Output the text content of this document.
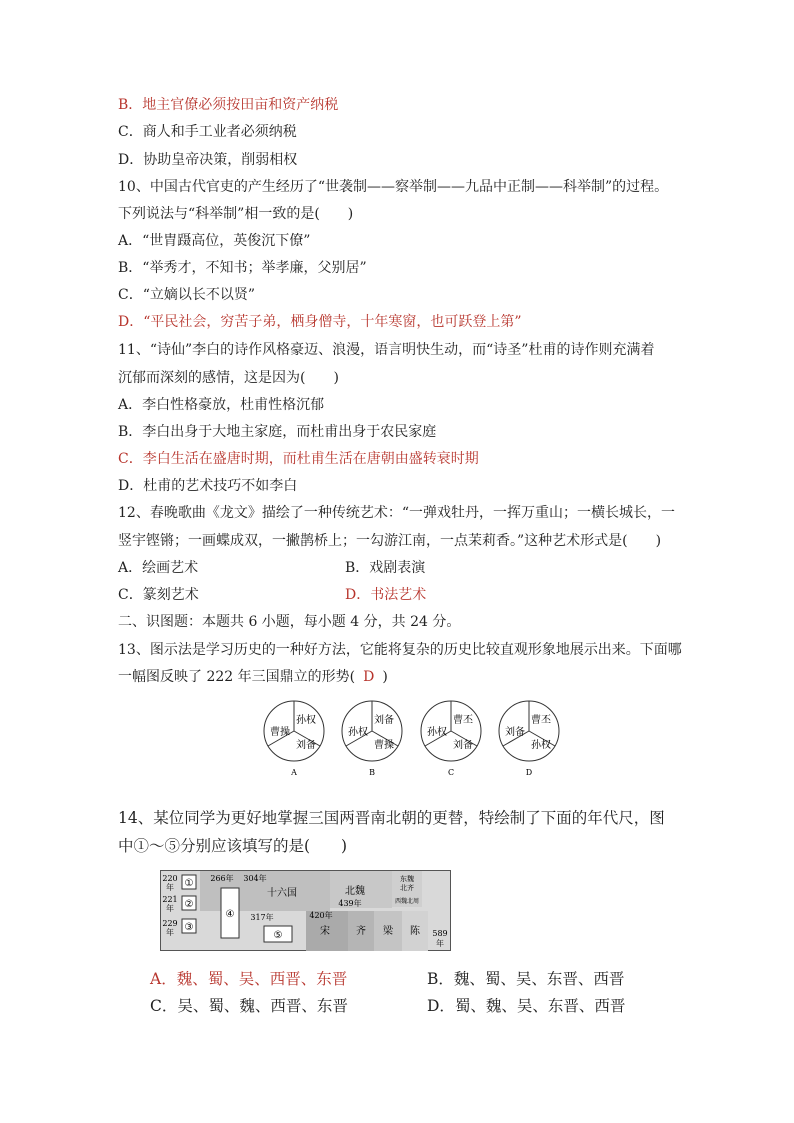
B．地主官僚必须按田亩和资产纳税
C．商人和手工业者必须纳税
D．协助皇帝决策，削弱相权
10、中国古代官吏的产生经历了“世袭制——察举制——九品中正制——科举制”的过程。
下列说法与“科举制”相一致的是(　　)
A．“世胄蹑高位，英俊沉下僚”
B．“举秀才，不知书；举孝廉，父别居”
C．“立嫡以长不以贤”
D．“平民社会，穷苦子弟，栖身僧寺，十年寒窗，也可跃登上第”
11、“诗仙”李白的诗作风格豪迈、浪漫，语言明快生动，而“诗圣”杜甫的诗作则充满着
沉郁而深刻的感情，这是因为(　　)
A．李白性格豪放，杜甫性格沉郁
B．李白出身于大地主家庭，而杜甫出身于农民家庭
C．李白生活在盛唐时期，而杜甫生活在唐朝由盛转衰时期
D．杜甫的艺术技巧不如李白
12、春晚歌曲《龙文》描绘了一种传统艺术：“一弹戏牡丹，一挥万重山；一横长城长，一
竖宇铿锵；一画蝶成双，一撇鹊桥上；一勾游江南，一点茉莉香。”这种艺术形式是(　　)
A．绘画艺术	B．戏剧表演
C．篆刻艺术	D．书法艺术
二、识图题：本题共 6 小题，每小题 4 分，共 24 分。
13、图示法是学习历史的一种好方法，它能将复杂的历史比较直观形象地展示出来。下面哪
一幅图反映了 222 年三国鼎立的形势( D )
孙权
曹操
刘备
A
刘备
孙权
曹操
B
曹丕
孙权
刘备
C
曹丕
刘备
孙权
D
14、某位同学为更好地掌握三国两晋南北朝的更替，特绘制了下面的年代尺，图
中①～⑤分别应该填写的是(　　)
220
年
221
年
229
年
①
②
③
④
266年 304年
十六国	北魏
439年
东魏
北齐
西魏北周
317年
⑤
420年
宋	齐 梁 陈 589
年
A．魏、蜀、吴、西晋、东晋	B．魏、蜀、吴、东晋、西晋
C．吴、蜀、魏、西晋、东晋	D．蜀、魏、吴、东晋、西晋
